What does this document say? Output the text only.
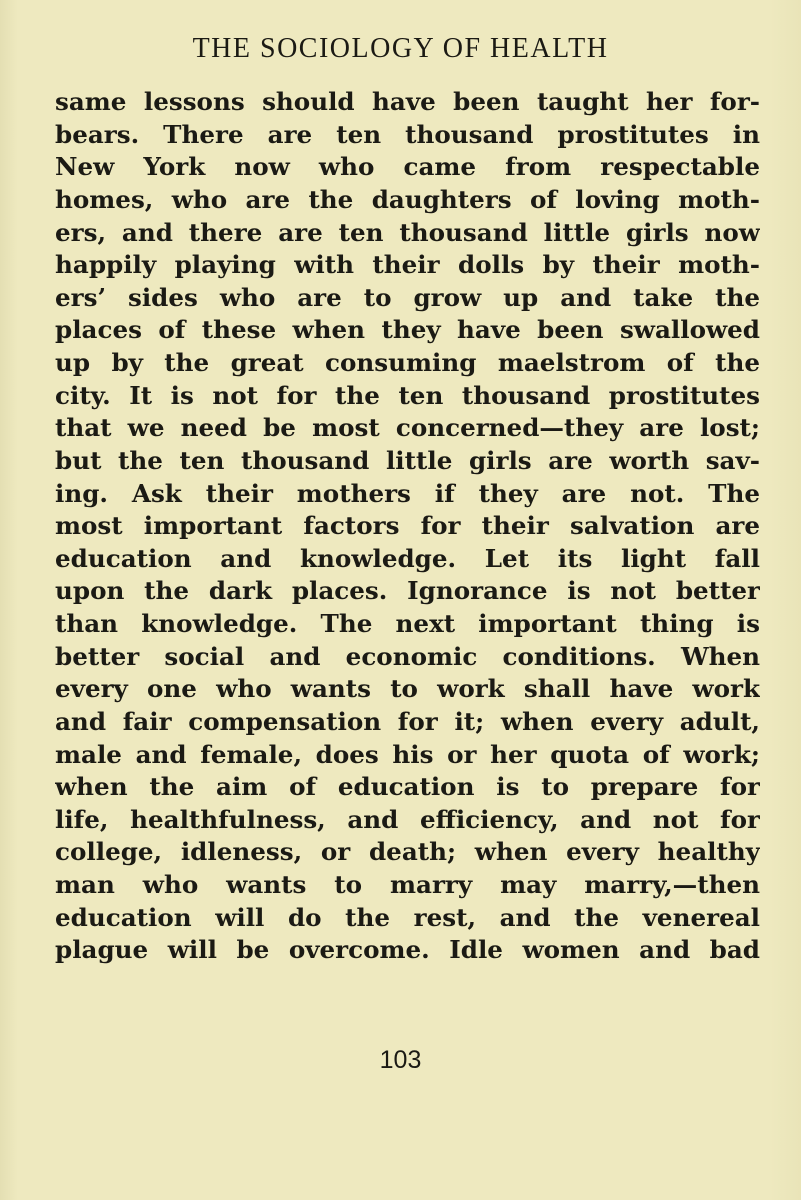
THE SOCIOLOGY OF HEALTH
same lessons should have been taught her for-
bears. There are ten thousand prostitutes in
New York now who came from respectable
homes, who are the daughters of loving moth-
ers, and there are ten thousand little girls now
happily playing with their dolls by their moth-
ers’ sides who are to grow up and take the
places of these when they have been swallowed
up by the great consuming maelstrom of the
city. It is not for the ten thousand prostitutes
that we need be most concerned—they are lost;
but the ten thousand little girls are worth sav-
ing. Ask their mothers if they are not. The
most important factors for their salvation are
education and knowledge. Let its light fall
upon the dark places. Ignorance is not better
than knowledge. The next important thing is
better social and economic conditions. When
every one who wants to work shall have work
and fair compensation for it; when every adult,
male and female, does his or her quota of work;
when the aim of education is to prepare for
life, healthfulness, and efficiency, and not for
college, idleness, or death; when every healthy
man who wants to marry may marry,—then
education will do the rest, and the venereal
plague will be overcome. Idle women and bad
103
